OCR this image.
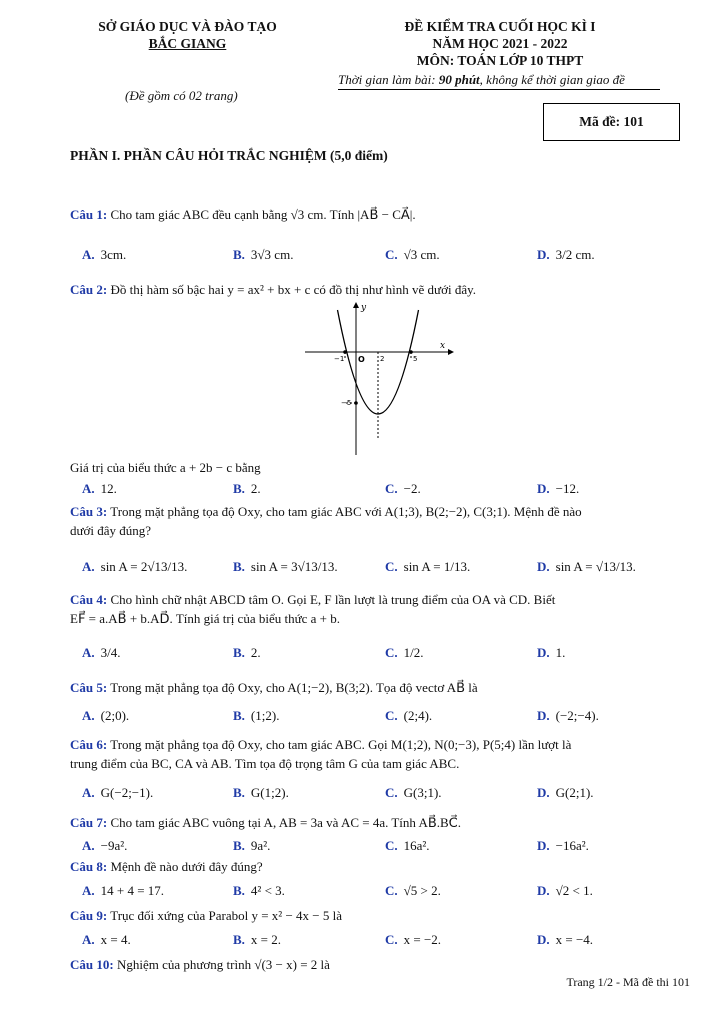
SỞ GIÁO DỤC VÀ ĐÀO TẠO
BẮC GIANG
(Đề gồm có 02 trang)
ĐỀ KIỂM TRA CUỐI HỌC KÌ I
NĂM HỌC 2021 - 2022
MÔN: TOÁN LỚP 10 THPT
Thời gian làm bài: 90 phút, không kể thời gian giao đề
Mã đề: 101
PHẦN I. PHẦN CÂU HỎI TRẮC NGHIỆM (5,0 điểm)
Câu 1: Cho tam giác ABC đều cạnh bằng √3 cm. Tính |AB⃗ − CA⃗|.
A. 3cm.	B. 3√3 cm.	C. √3 cm.	D. 3/2 cm.
Câu 2: Đồ thị hàm số bậc hai y = ax² + bx + c có đồ thị như hình vẽ dưới đây.
x
y
O
−1	2	5
−5
Giá trị của biểu thức a + 2b − c bằng
A. 12.	B. 2.	C. −2.	D. −12.
Câu 3: Trong mặt phẳng tọa độ Oxy, cho tam giác ABC với A(1;3), B(2;−2), C(3;1). Mệnh đề nào
dưới đây đúng?
A. sin A = 2√13/13.	B. sin A = 3√13/13.	C. sin A = 1/13.	D. sin A = √13/13.
Câu 4: Cho hình chữ nhật ABCD tâm O. Gọi E, F lần lượt là trung điểm của OA và CD. Biết
EF⃗ = a.AB⃗ + b.AD⃗. Tính giá trị của biểu thức a + b.
A. 3/4.	B. 2.	C. 1/2.	D. 1.
Câu 5: Trong mặt phẳng tọa độ Oxy, cho A(1;−2), B(3;2). Tọa độ vectơ AB⃗ là
A. (2;0).	B. (1;2).	C. (2;4).	D. (−2;−4).
Câu 6: Trong mặt phẳng tọa độ Oxy, cho tam giác ABC. Gọi M(1;2), N(0;−3), P(5;4) lần lượt là
trung điểm của BC, CA và AB. Tìm tọa độ trọng tâm G của tam giác ABC.
A. G(−2;−1).	B. G(1;2).	C. G(3;1).	D. G(2;1).
Câu 7: Cho tam giác ABC vuông tại A, AB = 3a và AC = 4a. Tính AB⃗.BC⃗.
A. −9a².	B. 9a².	C. 16a².	D. −16a².
Câu 8: Mệnh đề nào dưới đây đúng?
A. 14 + 4 = 17.	B. 4² < 3.	C. √5 > 2.	D. √2 < 1.
Câu 9: Trục đối xứng của Parabol y = x² − 4x − 5 là
A. x = 4.	B. x = 2.	C. x = −2.	D. x = −4.
Câu 10: Nghiệm của phương trình √(3 − x) = 2 là
Trang 1/2 - Mã đề thi 101
